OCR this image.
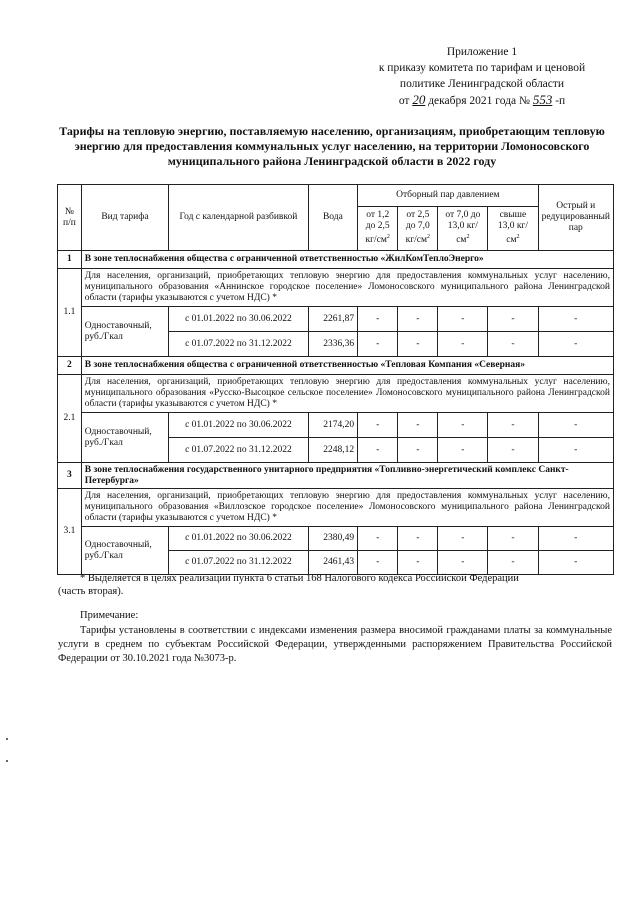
Приложение 1
к приказу комитета по тарифам и ценовой
политике Ленинградской области
от 20 декабря 2021 года № 553 -п
Тарифы на тепловую энергию, поставляемую населению, организациям, приобретающим тепловую энергию для предоставления коммунальных услуг населению, на территории Ломоносовского муниципального района Ленинградской области в 2022 году
№ п/п	Вид тарифа	Год с календарной разбивкой	Вода	Отборный пар давлением				Острый и редуцированный пар
				от 1,2 до 2,5 $кг/см^2$	от 2,5 до 7,0 $кг/см^2$	от 7,0 до 13,0 $кг/см^2$	свыше 13,0 $кг/см^2$
1	В зоне теплоснабжения общества с ограниченной ответственностью «ЖилКомТеплоЭнерго»							
1.1	Для населения, организаций, приобретающих тепловую энергию для предоставления коммунальных услуг населению, муниципального образования «Аннинское городское поселение» Ломоносовского муниципального района Ленинградской области (тарифы указываются с учетом НДС) *							
	Одноставочный, руб./Гкал	с 01.01.2022 по 30.06.2022	2261,87	-	-	-	-	-
		с 01.07.2022 по 31.12.2022	2336,36	-	-	-	-	-
2	В зоне теплоснабжения общества с ограниченной ответственностью «Тепловая Компания «Северная»							
2.1	Для населения, организаций, приобретающих тепловую энергию для предоставления коммунальных услуг населению, муниципального образования «Русско-Высоцкое сельское поселение» Ломоносовского муниципального района Ленинградской области (тарифы указываются с учетом НДС) *							
	Одноставочный, руб./Гкал	с 01.01.2022 по 30.06.2022	2174,20	-	-	-	-	-
		с 01.07.2022 по 31.12.2022	2248,12	-	-	-	-	-
3	В зоне теплоснабжения государственного унитарного предприятия «Топливно-энергетический комплекс Санкт-Петербурга»							
3.1	Для населения, организаций, приобретающих тепловую энергию для предоставления коммунальных услуг населению, муниципального образования «Виллозское городское поселение» Ломоносовского муниципального района Ленинградской области (тарифы указываются с учетом НДС) *							
	Одноставочный, руб./Гкал	с 01.01.2022 по 30.06.2022	2380,49	-	-	-	-	-
		с 01.07.2022 по 31.12.2022	2461,43	-	-	-	-	-
* Выделяется в целях реализации пункта 6 статьи 168 Налогового кодекса Российской Федерации
(часть вторая).
Примечание:
Тарифы установлены в соответствии с индексами изменения размера вносимой гражданами платы за коммунальные услуги в среднем по субъектам Российской Федерации, утвержденными распоряжением Правительства Российской Федерации от 30.10.2021 года №3073-р.
